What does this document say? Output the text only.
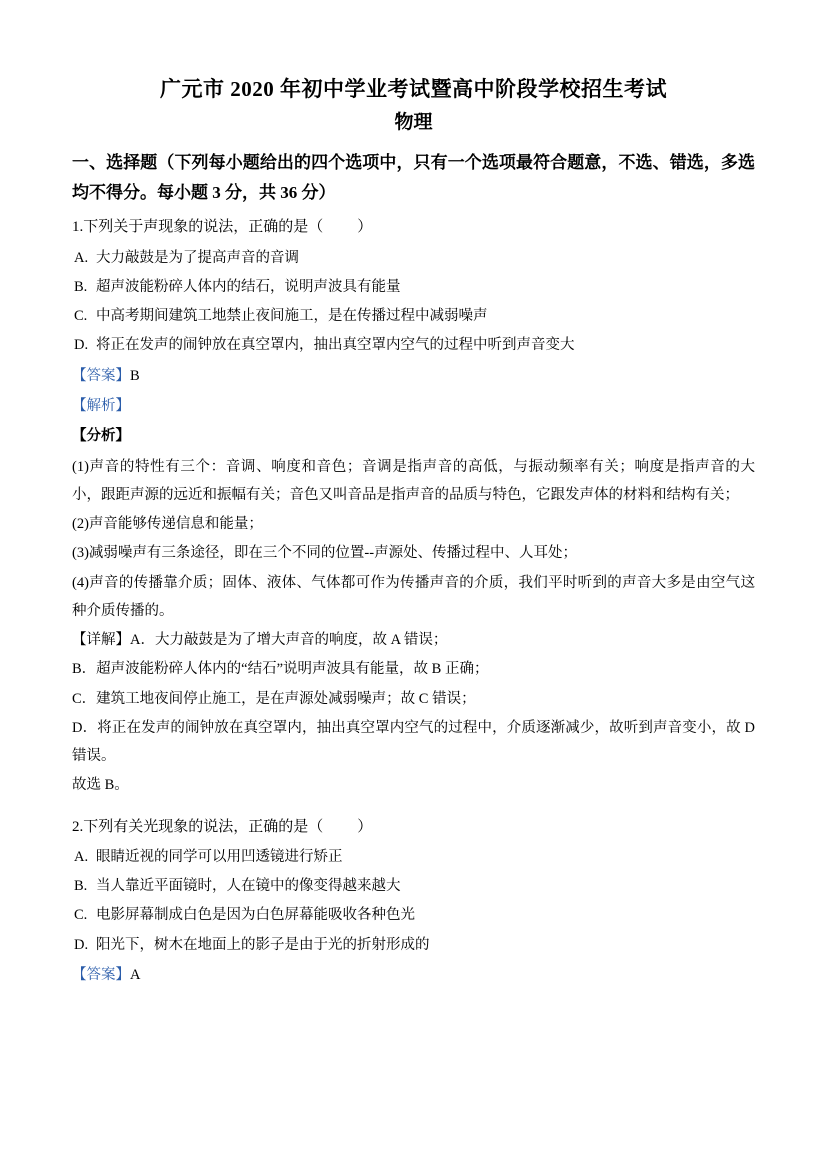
广元市 2020 年初中学业考试暨高中阶段学校招生考试
物理
一、选择题（下列每小题给出的四个选项中，只有一个选项最符合题意，不选、错选，多选均不得分。每小题 3 分，共 36 分）
1.下列关于声现象的说法，正确的是（ ）
A. 大力敲鼓是为了提高声音的音调
B. 超声波能粉碎人体内的结石，说明声波具有能量
C. 中高考期间建筑工地禁止夜间施工，是在传播过程中减弱噪声
D. 将正在发声的闹钟放在真空罩内，抽出真空罩内空气的过程中听到声音变大
【答案】B
【解析】
【分析】
(1)声音的特性有三个：音调、响度和音色；音调是指声音的高低，与振动频率有关；响度是指声音的大小，跟距声源的远近和振幅有关；音色又叫音品是指声音的品质与特色，它跟发声体的材料和结构有关；
(2)声音能够传递信息和能量；
(3)减弱噪声有三条途径，即在三个不同的位置--声源处、传播过程中、人耳处；
(4)声音的传播靠介质；固体、液体、气体都可作为传播声音的介质，我们平时听到的声音大多是由空气这种介质传播的。
【详解】A．大力敲鼓是为了增大声音的响度，故 A 错误；
B．超声波能粉碎人体内的“结石”说明声波具有能量，故 B 正确；
C．建筑工地夜间停止施工，是在声源处减弱噪声；故 C 错误；
D．将正在发声的闹钟放在真空罩内，抽出真空罩内空气的过程中，介质逐渐减少，故听到声音变小，故 D 错误。
故选 B。
2.下列有关光现象的说法，正确的是（ ）
A. 眼睛近视的同学可以用凹透镜进行矫正
B. 当人靠近平面镜时，人在镜中的像变得越来越大
C. 电影屏幕制成白色是因为白色屏幕能吸收各种色光
D. 阳光下，树木在地面上的影子是由于光的折射形成的
【答案】A
